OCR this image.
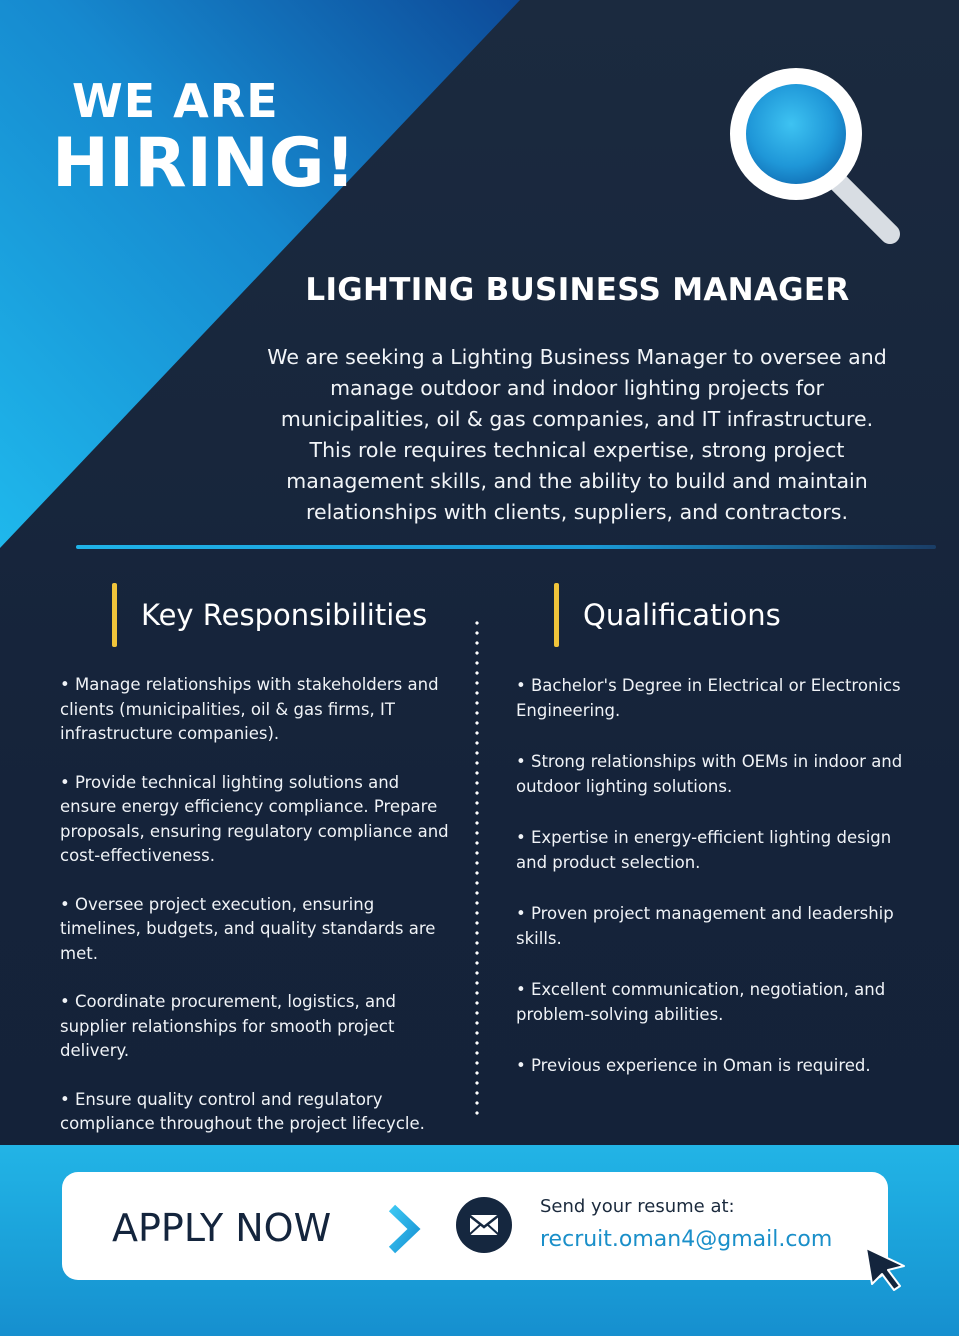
WE ARE
HIRING!
LIGHTING BUSINESS MANAGER
We are seeking a Lighting Business Manager to oversee and manage outdoor and indoor lighting projects for municipalities, oil & gas companies, and IT infrastructure. This role requires technical expertise, strong project management skills, and the ability to build and maintain relationships with clients, suppliers, and contractors.
Key Responsibilities	Qualifications
• Manage relationships with stakeholders and clients (municipalities, oil & gas firms, IT infrastructure companies).
• Provide technical lighting solutions and ensure energy efficiency compliance. Prepare proposals, ensuring regulatory compliance and cost-effectiveness.
• Oversee project execution, ensuring timelines, budgets, and quality standards are met.
• Coordinate procurement, logistics, and supplier relationships for smooth project delivery.
• Ensure quality control and regulatory compliance throughout the project lifecycle.
• Bachelor's Degree in Electrical or Electronics Engineering.
• Strong relationships with OEMs in indoor and outdoor lighting solutions.
• Expertise in energy-efficient lighting design and product selection.
• Proven project management and leadership skills.
• Excellent communication, negotiation, and problem-solving abilities.
• Previous experience in Oman is required.
APPLY NOW	Send your resume at:
recruit.oman4@gmail.com
